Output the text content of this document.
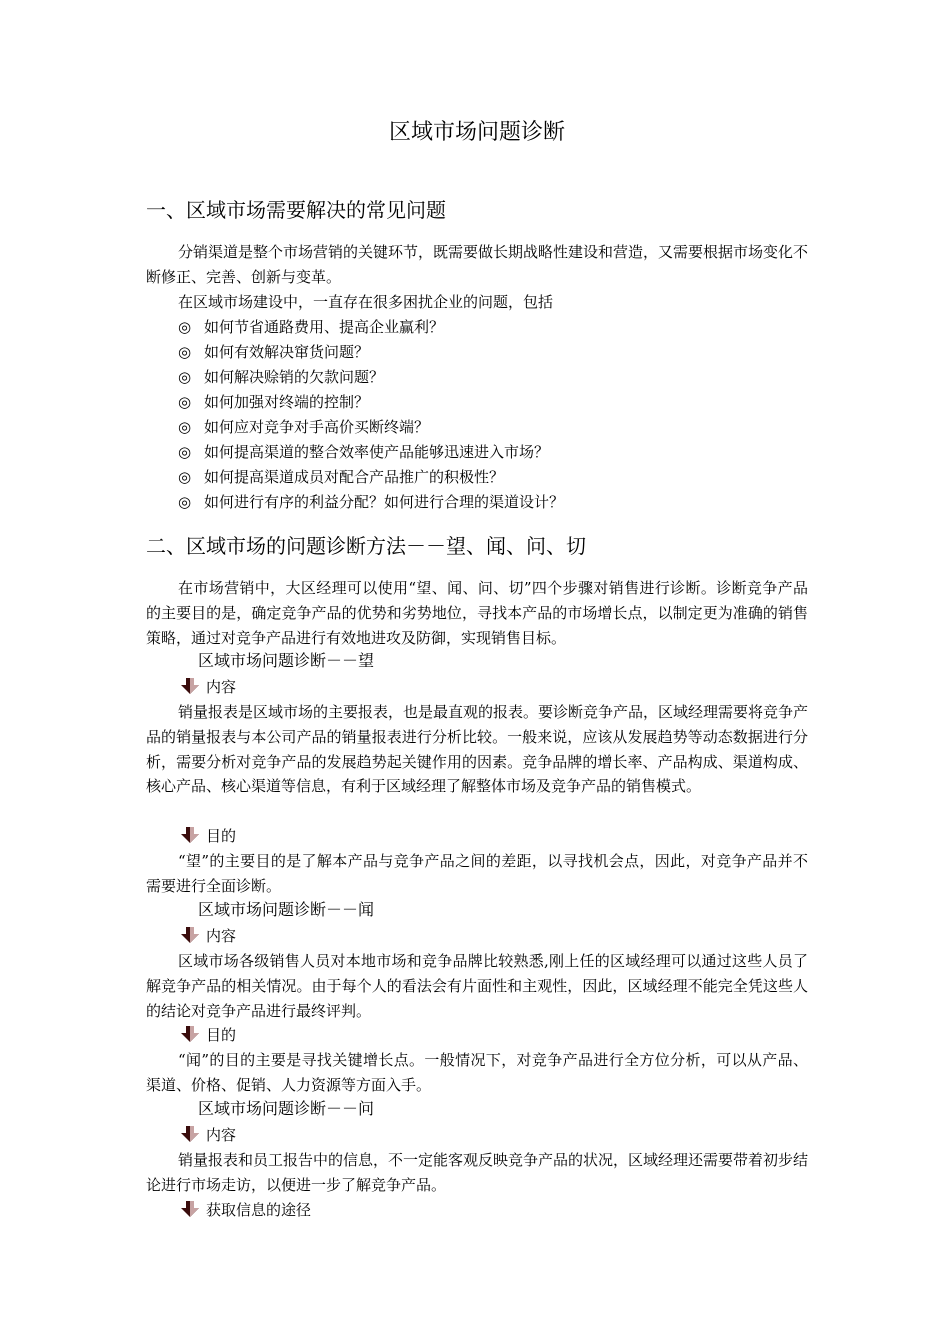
区域市场问题诊断
一、区域市场需要解决的常见问题

分销渠道是整个市场营销的关键环节，既需要做长期战略性建设和营造，又需要根据市场变化不断修正、完善、创新与变革。

在区域市场建设中，一直存在很多困扰企业的问题，包括
◎ 如何节省通路费用、提高企业赢利？
◎ 如何有效解决窜货问题？
◎ 如何解决赊销的欠款问题？
◎ 如何加强对终端的控制？
◎ 如何应对竞争对手高价买断终端？
◎ 如何提高渠道的整合效率使产品能够迅速进入市场？
◎ 如何提高渠道成员对配合产品推广的积极性？
◎ 如何进行有序的利益分配？如何进行合理的渠道设计？
二、区域市场的问题诊断方法－－望、闻、问、切

在市场营销中，大区经理可以使用“望、闻、问、切”四个步骤对销售进行诊断。诊断竞争产品的主要目的是，确定竞争产品的优势和劣势地位，寻找本产品的市场增长点，以制定更为准确的销售策略，通过对竞争产品进行有效地进攻及防御，实现销售目标。

区域市场问题诊断－－望
内容

销量报表是区域市场的主要报表，也是最直观的报表。要诊断竞争产品，区域经理需要将竞争产品的销量报表与本公司产品的销量报表进行分析比较。一般来说，应该从发展趋势等动态数据进行分析，需要分析对竞争产品的发展趋势起关键作用的因素。竞争品牌的增长率、产品构成、渠道构成、核心产品、核心渠道等信息，有利于区域经理了解整体市场及竞争产品的销售模式。

目的

“望”的主要目的是了解本产品与竞争产品之间的差距，以寻找机会点，因此，对竞争产品并不需要进行全面诊断。

区域市场问题诊断－－闻
内容

区域市场各级销售人员对本地市场和竞争品牌比较熟悉,刚上任的区域经理可以通过这些人员了解竞争产品的相关情况。由于每个人的看法会有片面性和主观性，因此，区域经理不能完全凭这些人的结论对竞争产品进行最终评判。

目的

“闻”的目的主要是寻找关键增长点。一般情况下，对竞争产品进行全方位分析，可以从产品、渠道、价格、促销、人力资源等方面入手。

区域市场问题诊断－－问
内容

销量报表和员工报告中的信息，不一定能客观反映竞争产品的状况，区域经理还需要带着初步结论进行市场走访，以便进一步了解竞争产品。

获取信息的途径
